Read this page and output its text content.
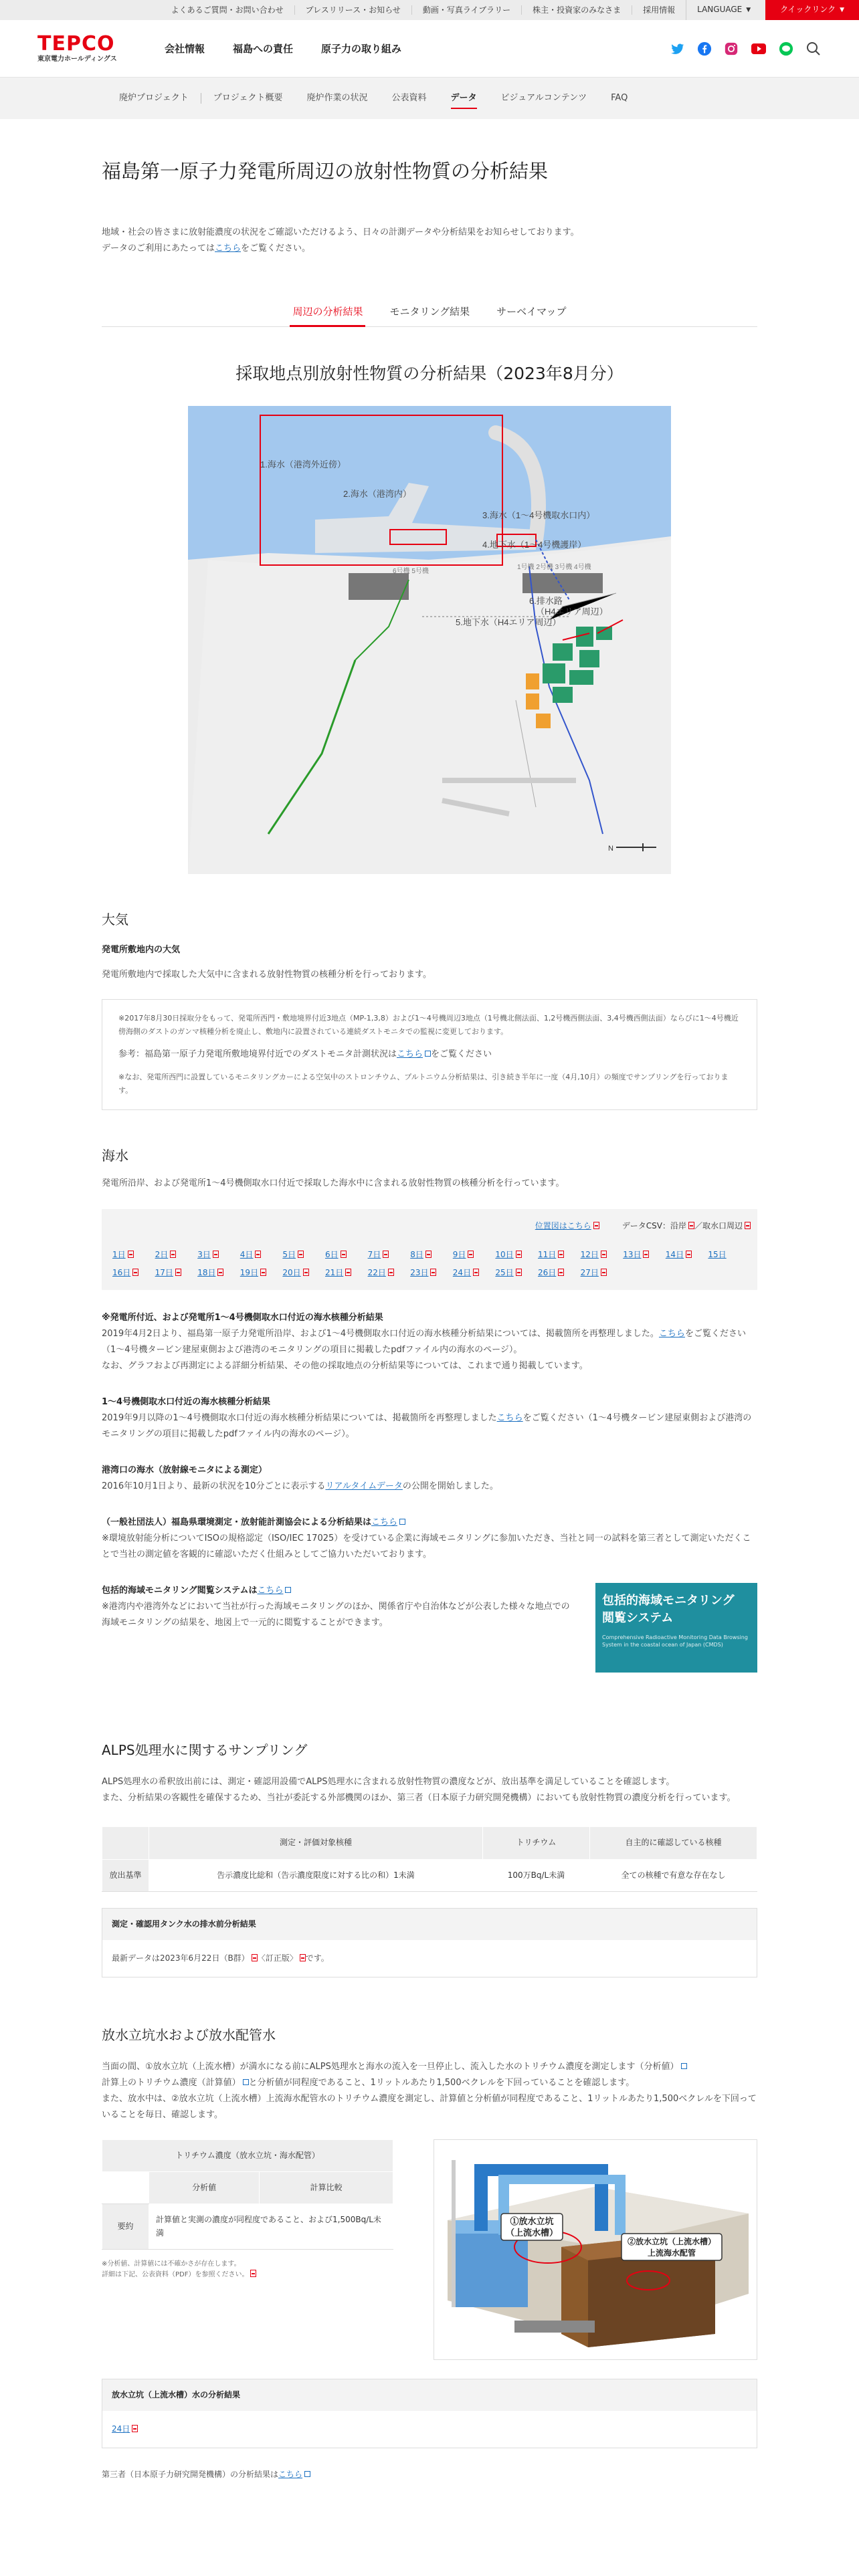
よくあるご質問・お問い合わせ	プレスリリース・お知らせ	動画・写真ライブラリー	株主・投資家のみなさま	採用情報	LANGUAGE ▼	クイックリンク ▼
TEPCO
東京電力ホールディングス
会社情報	福島への責任	原子力の取り組み
廃炉プロジェクト	プロジェクト概要	廃炉作業の状況	公表資料	データ	ビジュアルコンテンツ	FAQ
福島第一原子力発電所周辺の放射性物質の分析結果
地域・社会の皆さまに放射能濃度の状況をご確認いただけるよう、日々の計測データや分析結果をお知らせしております。
データのご利用にあたってはこちらをご覧ください。
周辺の分析結果	モニタリング結果	サーベイマップ
採取地点別放射性物質の分析結果（2023年8月分）
1.海水（港湾外近傍）
2.海水（港湾内）
3.海水（1～4号機取水口内）
4.地下水（1～4号機護岸）
5.地下水（H4エリア周辺）
6.排水路
（H4エリア周辺）
6号機 5号機
1号機 2号機 3号機 4号機
N
大気
発電所敷地内の大気
発電所敷地内で採取した大気中に含まれる放射性物質の核種分析を行っております。

※2017年8月30日採取分をもって、発電所西門・敷地境界付近3地点（MP-1,3,8）および1～4号機周辺3地点（1号機北側法面、1,2号機西側法面、3,4号機西側法面）ならびに1～4号機近傍海側のダストのガンマ核種分析を廃止し、敷地内に設置されている連続ダストモニタでの監視に変更しております。

参考：福島第一原子力発電所敷地境界付近でのダストモニタ計測状況はこちら をご覧ください

※なお、発電所西門に設置しているモニタリングカーによる空気中のストロンチウム、プルトニウム分析結果は、引き続き半年に一度（4月,10月）の頻度でサンプリングを行っております。

海水
発電所沿岸、および発電所1～4号機側取水口付近で採取した海水中に含まれる放射性物質の核種分析を行っています。
位置図はこちら	データCSV：沿岸 ／取水口周辺
1日	2日	3日	4日	5日	6日	7日	8日	9日	10日	11日	12日	13日	14日	15日
16日	17日	18日	19日	20日	21日	22日	23日	24日	25日	26日	27日
※発電所付近、および発電所1～4号機側取水口付近の海水核種分析結果
2019年4月2日より、福島第一原子力発電所沿岸、および1～4号機側取水口付近の海水核種分析結果については、掲載箇所を再整理しました。こちらをご覧ください（1～4号機タービン建屋東側および港湾のモニタリングの項目に掲載したpdfファイル内の海水のページ）。
なお、グラフおよび再測定による詳細分析結果、その他の採取地点の分析結果等については、これまで通り掲載しています。
1～4号機側取水口付近の海水核種分析結果
2019年9月以降の1～4号機側取水口付近の海水核種分析結果については、掲載箇所を再整理しましたこちらをご覧ください（1～4号機タービン建屋東側および港湾のモニタリングの項目に掲載したpdfファイル内の海水のページ）。
港湾口の海水（放射線モニタによる測定）
2016年10月1日より、最新の状況を10分ごとに表示するリアルタイムデータの公開を開始しました。
（一般社団法人）福島県環境測定・放射能計測協会による分析結果はこちら
※環境放射能分析についてISOの規格認定（ISO/IEC 17025）を受けている企業に海域モニタリングに参加いただき、当社と同一の試料を第三者として測定いただくことで当社の測定値を客観的に確認いただく仕組みとしてご協力いただいております。
包括的海域モニタリング閲覧システムはこちら
※港湾内や港湾外などにおいて当社が行った海域モニタリングのほか、関係省庁や自治体などが公表した様々な地点での海域モニタリングの結果を、地図上で一元的に閲覧することができます。
包括的海域モニタリング
閲覧システム
Comprehensive Radioactive Monitoring Data Browsing System in the coastal ocean of Japan (CMDS)
ALPS処理水に関するサンプリング
ALPS処理水の希釈放出前には、測定・確認用設備でALPS処理水に含まれる放射性物質の濃度などが、放出基準を満足していることを確認します。
また、分析結果の客観性を確保するため、当社が委託する外部機関のほか、第三者（日本原子力研究開発機構）においても放射性物質の濃度分析を行っています。
	測定・評価対象核種	トリチウム	自主的に確認している核種
放出基準	告示濃度比総和（告示濃度限度に対する比の和）1未満	100万Bq/L未満	全ての核種で有意な存在なし
測定・確認用タンク水の排水前分析結果
最新データは2023年6月22日（B群） 〈訂正版〉 です。
放水立坑水および放水配管水
当面の間、①放水立坑（上流水槽）が満水になる前にALPS処理水と海水の流入を一旦停止し、流入した水のトリチウム濃度を測定します（分析値）
計算上のトリチウム濃度（計算値） と分析値が同程度であること、1リットルあたり1,500ベクレルを下回っていることを確認します。
また、放水中は、②放水立坑（上流水槽）上流海水配管水のトリチウム濃度を測定し、計算値と分析値が同程度であること、1リットルあたり1,500ベクレルを下回っていることを毎日、確認します。
トリチウム濃度（放水立坑・海水配管）		
	分析値	計算比較
要約	計算値と実測の濃度が同程度であること、および1,500Bq/L未満	
※分析値、計算値には不確かさが存在します。
詳細は下記、公表資料（PDF）を参照ください。
①放水立坑
（上流水槽）
②放水立坑（上流水槽）
上流海水配管
放水立坑（上流水槽）水の分析結果
24日
第三者（日本原子力研究開発機構）の分析結果はこちら
